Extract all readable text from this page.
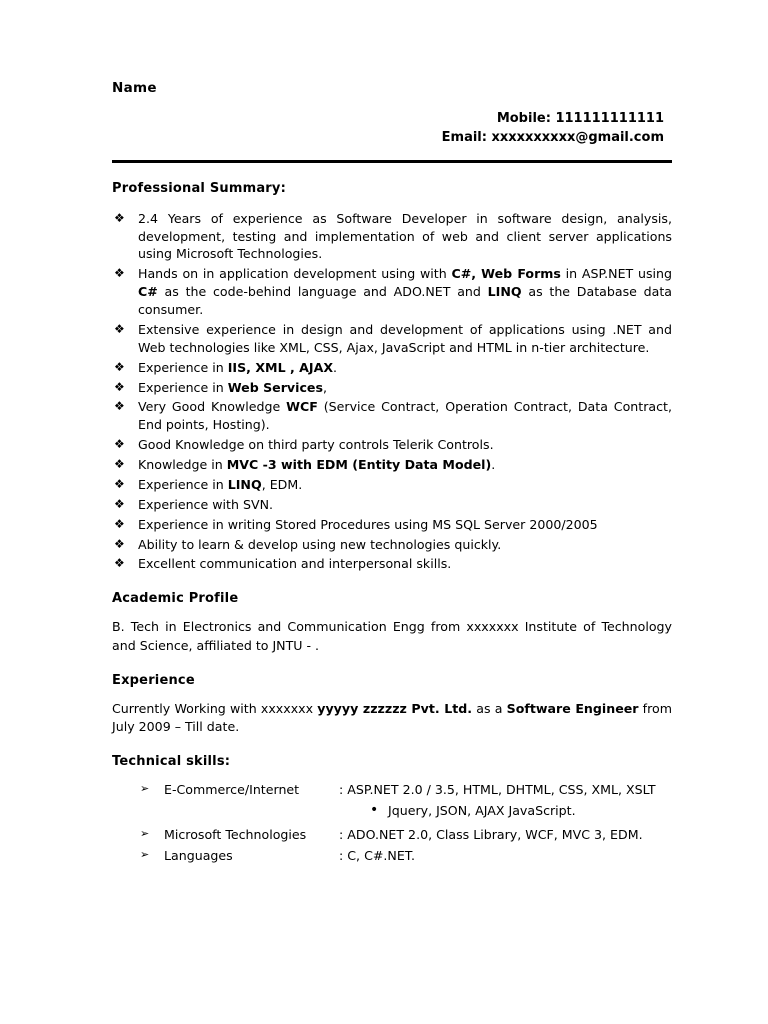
Name
Mobile: 111111111111
Email: xxxxxxxxxx@gmail.com
Professional Summary:
❖ 2.4 Years of experience as Software Developer in software design, analysis, development, testing and implementation of web and client server applications using Microsoft Technologies.
❖ Hands on in application development using with C#, Web Forms in ASP.NET using C# as the code-behind language and ADO.NET and LINQ as the Database data consumer.
❖ Extensive experience in design and development of applications using .NET and Web technologies like XML, CSS, Ajax, JavaScript and HTML in n-tier architecture.
❖ Experience in IIS, XML , AJAX.
❖ Experience in Web Services,
❖ Very Good Knowledge WCF (Service Contract, Operation Contract, Data Contract, End points, Hosting).
❖ Good Knowledge on third party controls Telerik Controls.
❖ Knowledge in MVC -3 with EDM (Entity Data Model).
❖ Experience in LINQ, EDM.
❖ Experience with SVN.
❖ Experience in writing Stored Procedures using MS SQL Server 2000/2005
❖ Ability to learn & develop using new technologies quickly.
❖ Excellent communication and interpersonal skills.
Academic Profile

B. Tech in Electronics and Communication Engg from xxxxxxx Institute of Technology and Science, affiliated to JNTU - .

Experience

Currently Working with xxxxxxx yyyyy zzzzzz Pvt. Ltd. as a Software Engineer from July 2009 – Till date.

Technical skills:
➢ E-Commerce/Internet	: ASP.NET 2.0 / 3.5, HTML, DHTML, CSS, XML, XSLT
• Jquery, JSON, AJAX JavaScript.
➢ Microsoft Technologies	: ADO.NET 2.0, Class Library, WCF, MVC 3, EDM.
➢ Languages	: C, C#.NET.
